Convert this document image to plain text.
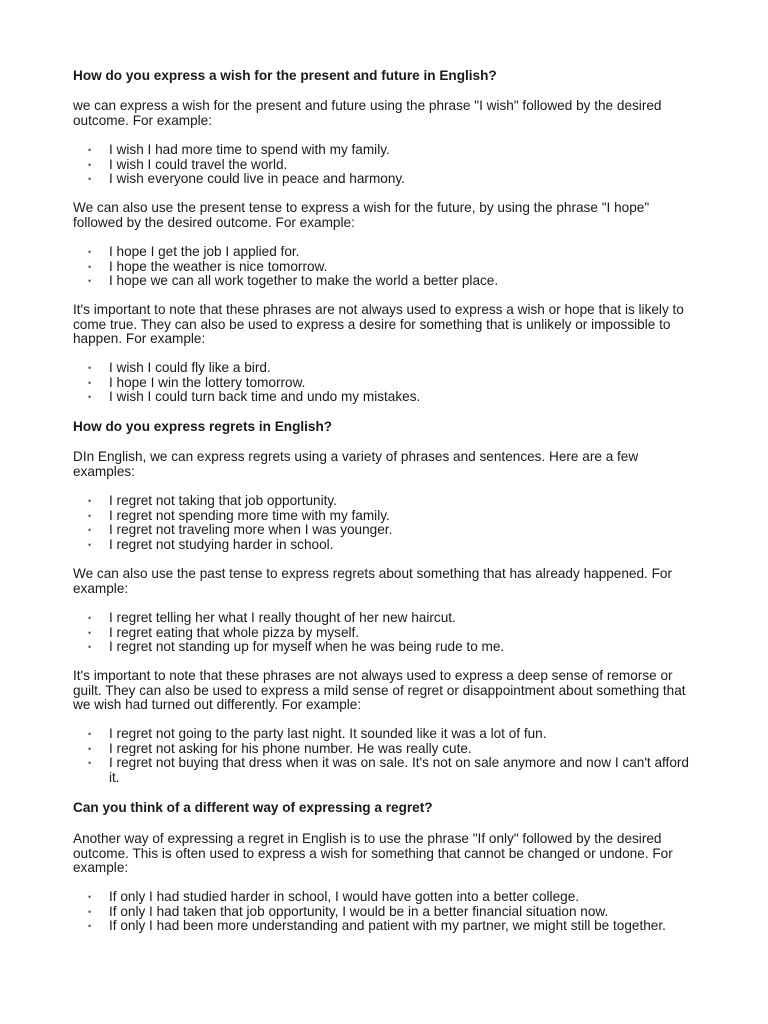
How do you express a wish for the present and future in English?

we can express a wish for the present and future using the phrase "I wish" followed by the desired outcome. For example:

• I wish I had more time to spend with my family.
• I wish I could travel the world.
• I wish everyone could live in peace and harmony.

We can also use the present tense to express a wish for the future, by using the phrase "I hope" followed by the desired outcome. For example:

• I hope I get the job I applied for.
• I hope the weather is nice tomorrow.
• I hope we can all work together to make the world a better place.

It's important to note that these phrases are not always used to express a wish or hope that is likely to come true. They can also be used to express a desire for something that is unlikely or impossible to happen. For example:

• I wish I could fly like a bird.
• I hope I win the lottery tomorrow.
• I wish I could turn back time and undo my mistakes.
How do you express regrets in English?

DIn English, we can express regrets using a variety of phrases and sentences. Here are a few examples:

• I regret not taking that job opportunity.
• I regret not spending more time with my family.
• I regret not traveling more when I was younger.
• I regret not studying harder in school.

We can also use the past tense to express regrets about something that has already happened. For example:

• I regret telling her what I really thought of her new haircut.
• I regret eating that whole pizza by myself.
• I regret not standing up for myself when he was being rude to me.

It's important to note that these phrases are not always used to express a deep sense of remorse or guilt. They can also be used to express a mild sense of regret or disappointment about something that we wish had turned out differently. For example:

• I regret not going to the party last night. It sounded like it was a lot of fun.
• I regret not asking for his phone number. He was really cute.
• I regret not buying that dress when it was on sale. It's not on sale anymore and now I can't afford it.
Can you think of a different way of expressing a regret?

Another way of expressing a regret in English is to use the phrase "If only" followed by the desired outcome. This is often used to express a wish for something that cannot be changed or undone. For example:

• If only I had studied harder in school, I would have gotten into a better college.
• If only I had taken that job opportunity, I would be in a better financial situation now.
• If only I had been more understanding and patient with my partner, we might still be together.
